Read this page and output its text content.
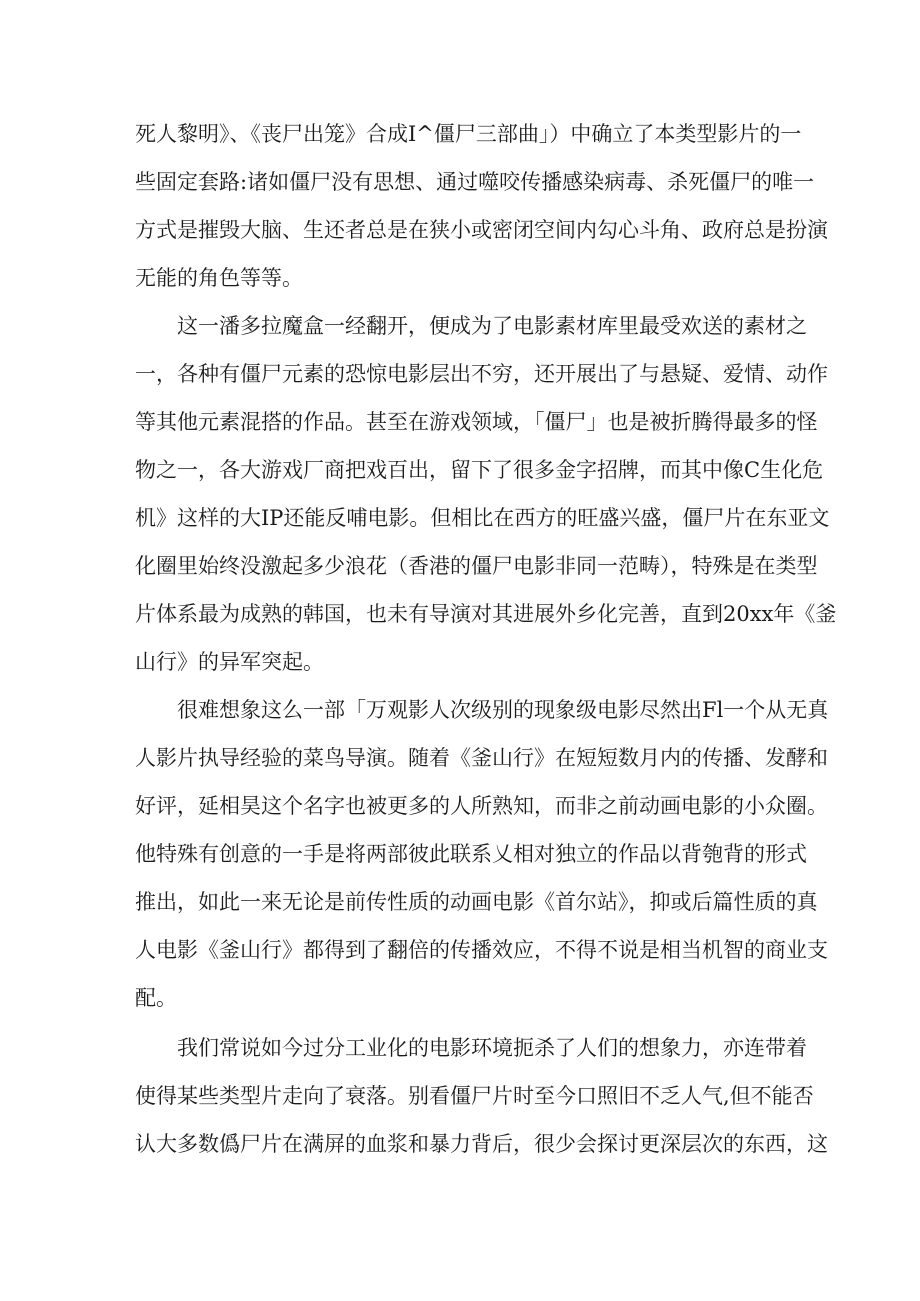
死人黎明》、《丧尸出笼》合成I^僵尸三部曲」）中确立了本类型影片的一
些固定套路:诸如僵尸没有思想、通过噬咬传播感染病毒、杀死僵尸的唯一
方式是摧毁大脑、生还者总是在狭小或密闭空间内勾心斗角、政府总是扮演
无能的角色等等。
这一潘多拉魔盒一经翻开，便成为了电影素材库里最受欢送的素材之
一，各种有僵尸元素的恐惊电影层出不穷，还开展出了与悬疑、爱情、动作
等其他元素混搭的作品。甚至在游戏领域，「僵尸」也是被折腾得最多的怪
物之一，各大游戏厂商把戏百出，留下了很多金字招牌，而其中像C生化危
机》这样的大IP还能反哺电影。但相比在西方的旺盛兴盛，僵尸片在东亚文
化圈里始终没激起多少浪花（香港的僵尸电影非同一范畴），特殊是在类型
片体系最为成熟的韩国，也未有导演对其进展外乡化完善，直到20xx年《釜
山行》的异军突起。
很难想象这么一部「万观影人次级别的现象级电影尽然出Fl一个从无真
人影片执导经验的菜鸟导演。随着《釜山行》在短短数月内的传播、发酵和
好评，延相昊这个名字也被更多的人所熟知，而非之前动画电影的小众圈。
他特殊有创意的一手是将两部彼此联系乂相对独立的作品以背匏背的形式
推出，如此一来无论是前传性质的动画电影《首尔站》，抑或后篇性质的真
人电影《釜山行》都得到了翻倍的传播效应，不得不说是相当机智的商业支
配。
我们常说如今过分工业化的电影环境扼杀了人们的想象力，亦连带着
使得某些类型片走向了衰落。别看僵尸片时至今口照旧不乏人气,但不能否
认大多数僞尸片在满屏的血浆和暴力背后，很少会探讨更深层次的东西，这
